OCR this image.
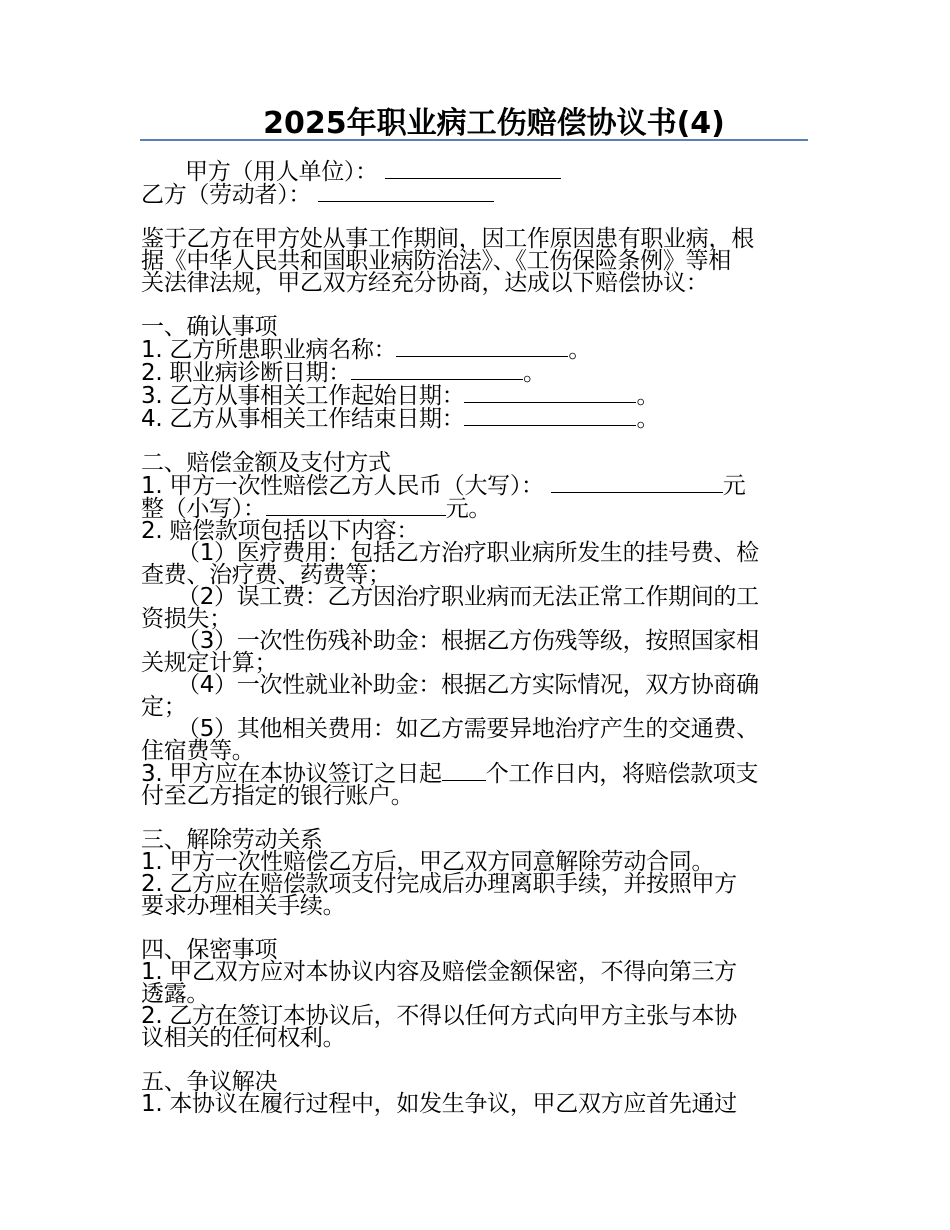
2025年职业病工伤赔偿协议书(4)
甲方（用人单位）：
乙方（劳动者）：
鉴于乙方在甲方处从事工作期间，因工作原因患有职业病，根
据《中华人民共和国职业病防治法》、《工伤保险条例》等相
关法律法规，甲乙双方经充分协商，达成以下赔偿协议：
一、确认事项
1. 乙方所患职业病名称：	。
2. 职业病诊断日期：	。
3. 乙方从事相关工作起始日期：	。
4. 乙方从事相关工作结束日期：	。
二、赔偿金额及支付方式
1. 甲方一次性赔偿乙方人民币（大写）：	元
整（小写）：	元。
2. 赔偿款项包括以下内容：
（1）医疗费用：包括乙方治疗职业病所发生的挂号费、检
查费、治疗费、药费等；
（2）误工费：乙方因治疗职业病而无法正常工作期间的工
资损失；
（3）一次性伤残补助金：根据乙方伤残等级，按照国家相
关规定计算；
（4）一次性就业补助金：根据乙方实际情况，双方协商确
定；
（5）其他相关费用：如乙方需要异地治疗产生的交通费、
住宿费等。
3. 甲方应在本协议签订之日起 个工作日内，将赔偿款项支
付至乙方指定的银行账户。
三、解除劳动关系
1. 甲方一次性赔偿乙方后，甲乙双方同意解除劳动合同。
2. 乙方应在赔偿款项支付完成后办理离职手续，并按照甲方
要求办理相关手续。
四、保密事项
1. 甲乙双方应对本协议内容及赔偿金额保密，不得向第三方
透露。
2. 乙方在签订本协议后，不得以任何方式向甲方主张与本协
议相关的任何权利。
五、争议解决
1. 本协议在履行过程中，如发生争议，甲乙双方应首先通过
